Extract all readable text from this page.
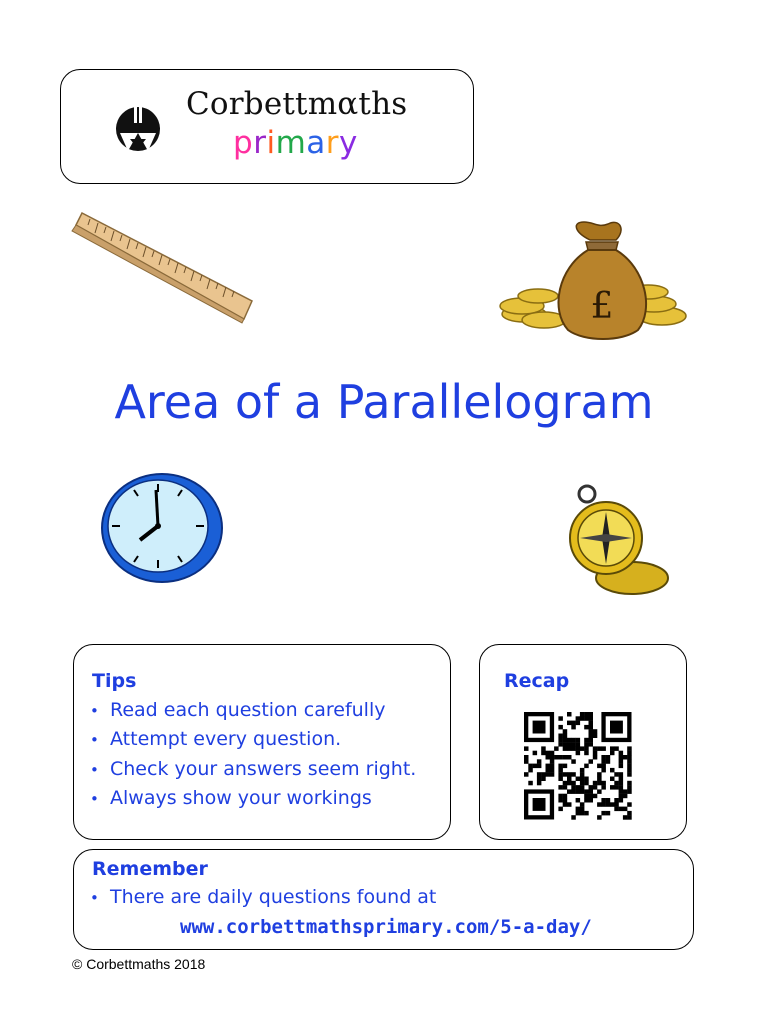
Corbettmαths
primary
£
Area of a Parallelogram
Tips
• Read each question carefully
• Attempt every question.
• Check your answers seem right.
• Always show your workings
Recap
Remember
• There are daily questions found at
www.corbettmathsprimary.com/5-a-day/
© Corbettmaths 2018
